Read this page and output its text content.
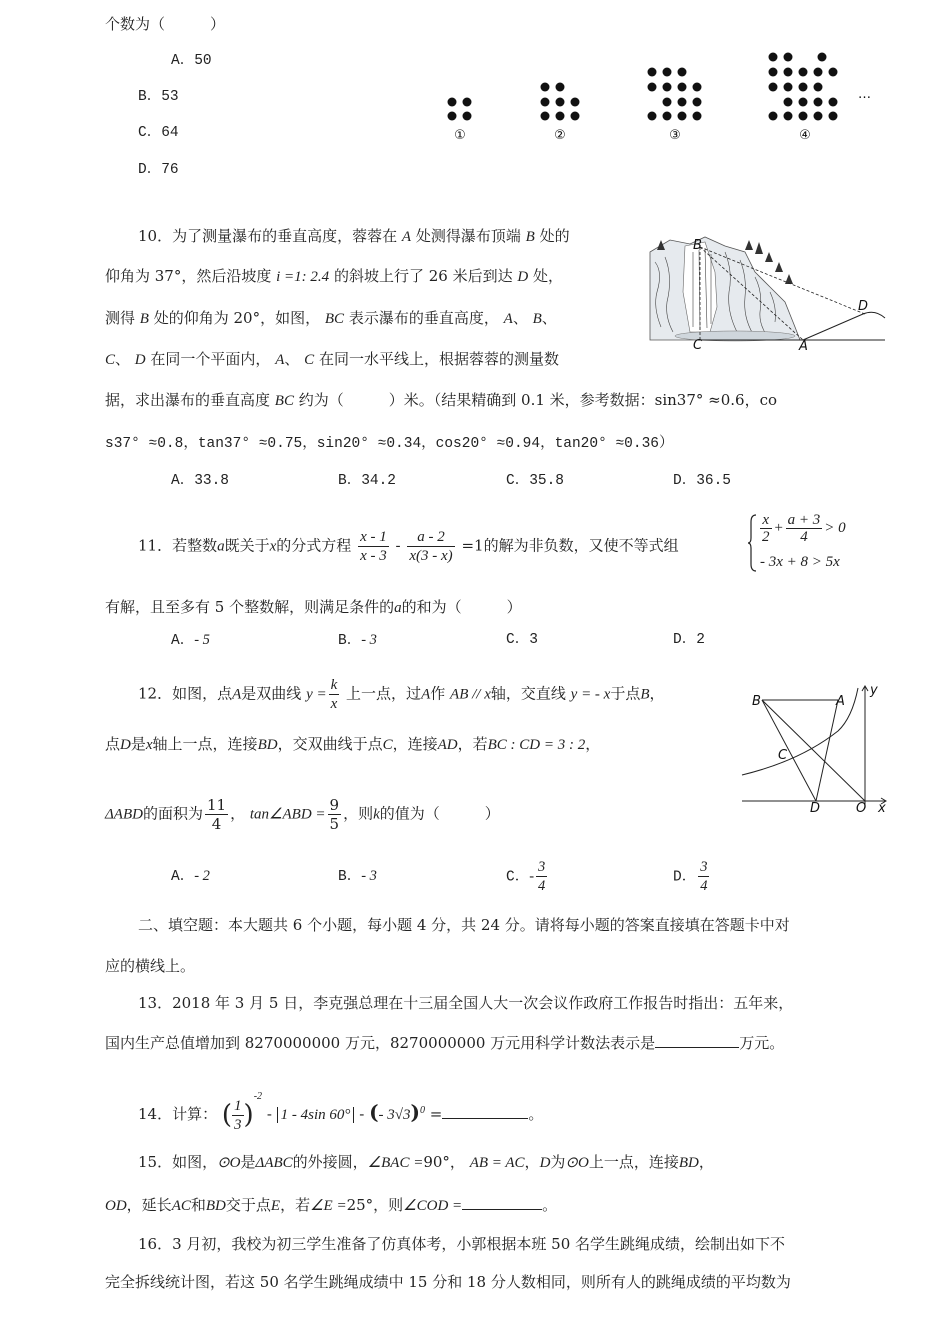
个数为（　　　）
A．50
B．53
C．64
D．76
①	②	③	④
…
10．为了测量瀑布的垂直高度，蓉蓉在 A 处测得瀑布顶端 B 处的
仰角为 37°，然后沿坡度 i =1: 2.4 的斜坡上行了 26 米后到达 D 处，
测得 B 处的仰角为 20°，如图， BC 表示瀑布的垂直高度， A、 B、
C、 D 在同一个平面内， A、 C 在同一水平线上，根据蓉蓉的测量数
据，求出瀑布的垂直高度 BC 约为（　　　）米。（结果精确到 0.1 米，参考数据：sin37° ≈0.6，co
s37° ≈0.8，tan37° ≈0.75，sin20° ≈0.34，cos20° ≈0.94，tan20° ≈0.36）
A．33.8	B．34.2	C．35.8	D．36.5
B
C	A
D
11．若整数a既关于x的分式方程 $\frac{x - 1}{x - 3} - \frac{a - 2}{x(3 - x)} =1$的解为非负数，又使不等式组
$\frac{x}{2} + \frac{a + 3}{4} > 0$
- 3x + 8 > 5x
有解，且至多有 5 个整数解，则满足条件的a的和为（　　　）
A．- 5	B．- 3	C．3	D．2
12．如图，点A是双曲线 $y = \frac{k}{x}$ 上一点，过A作 AB // x轴，交直线 y = - x于点B，
点D是x轴上一点，连接BD，交双曲线于点C，连接AD，若BC : CD = 3 : 2，
ΔABD的面积为 $\frac{11}{4}$ ， tan∠ABD = $\frac{9}{5}$ ，则k的值为（　　　）
A．- 2	B．- 3	C．- $\frac{3}{4}$	D． $\frac{3}{4}$
B	A
y
C
D	O x
二、填空题：本大题共 6 个小题，每小题 4 分，共 24 分。请将每小题的答案直接填在答题卡中对
应的横线上。
13．2018 年 3 月 5 日，李克强总理在十三届全国人大一次会议作政府工作报告时指出：五年来，
国内生产总值增加到 8270000000 万元，8270000000 万元用科学计数法表示是	万元。
14．计算： ( $\frac{1}{3} )^{-2} - 1 - 4\sin$ 60° - (- 3√3)$^0$ =	。
15．如图，⊙O是ΔABC的外接圆，∠BAC =90°， AB = AC，D为⊙O上一点，连接BD，
OD，延长AC和BD交于点E，若∠E =25°，则∠COD =	。
16．3 月初，我校为初三学生准备了仿真体考，小郭根据本班 50 名学生跳绳成绩，绘制出如下不
完全拆线统计图，若这 50 名学生跳绳成绩中 15 分和 18 分人数相同，则所有人的跳绳成绩的平均数为
